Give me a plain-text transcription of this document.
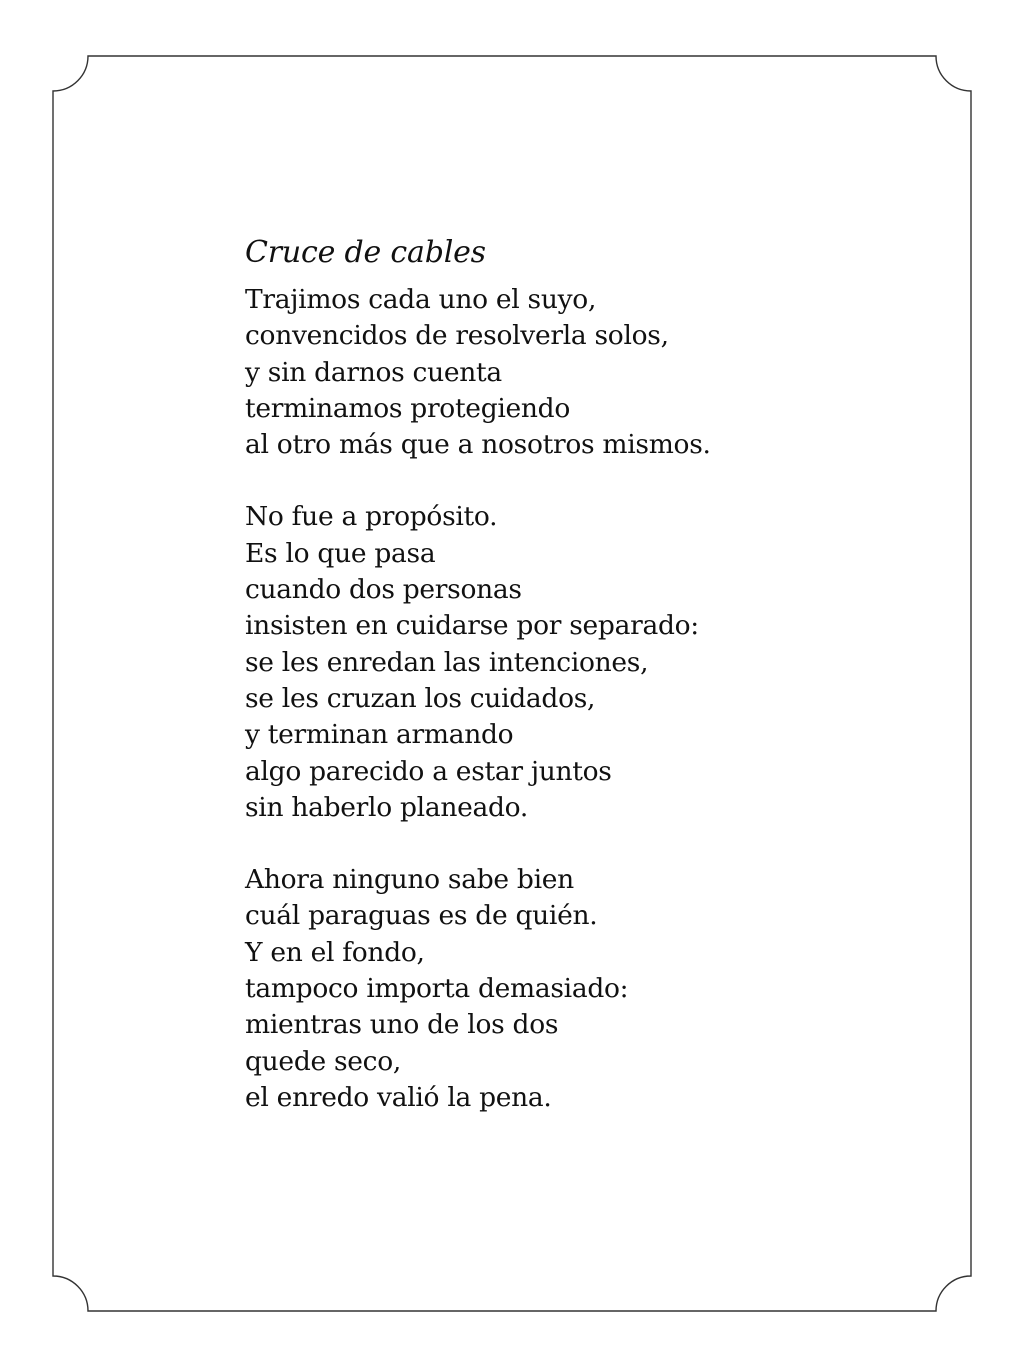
Cruce de cables

Trajimos cada uno el suyo,
convencidos de resolverla solos,
y sin darnos cuenta
terminamos protegiendo
al otro más que a nosotros mismos.

No fue a propósito.
Es lo que pasa
cuando dos personas
insisten en cuidarse por separado:
se les enredan las intenciones,
se les cruzan los cuidados,
y terminan armando
algo parecido a estar juntos
sin haberlo planeado.

Ahora ninguno sabe bien
cuál paraguas es de quién.
Y en el fondo,
tampoco importa demasiado:
mientras uno de los dos
quede seco,
el enredo valió la pena.
